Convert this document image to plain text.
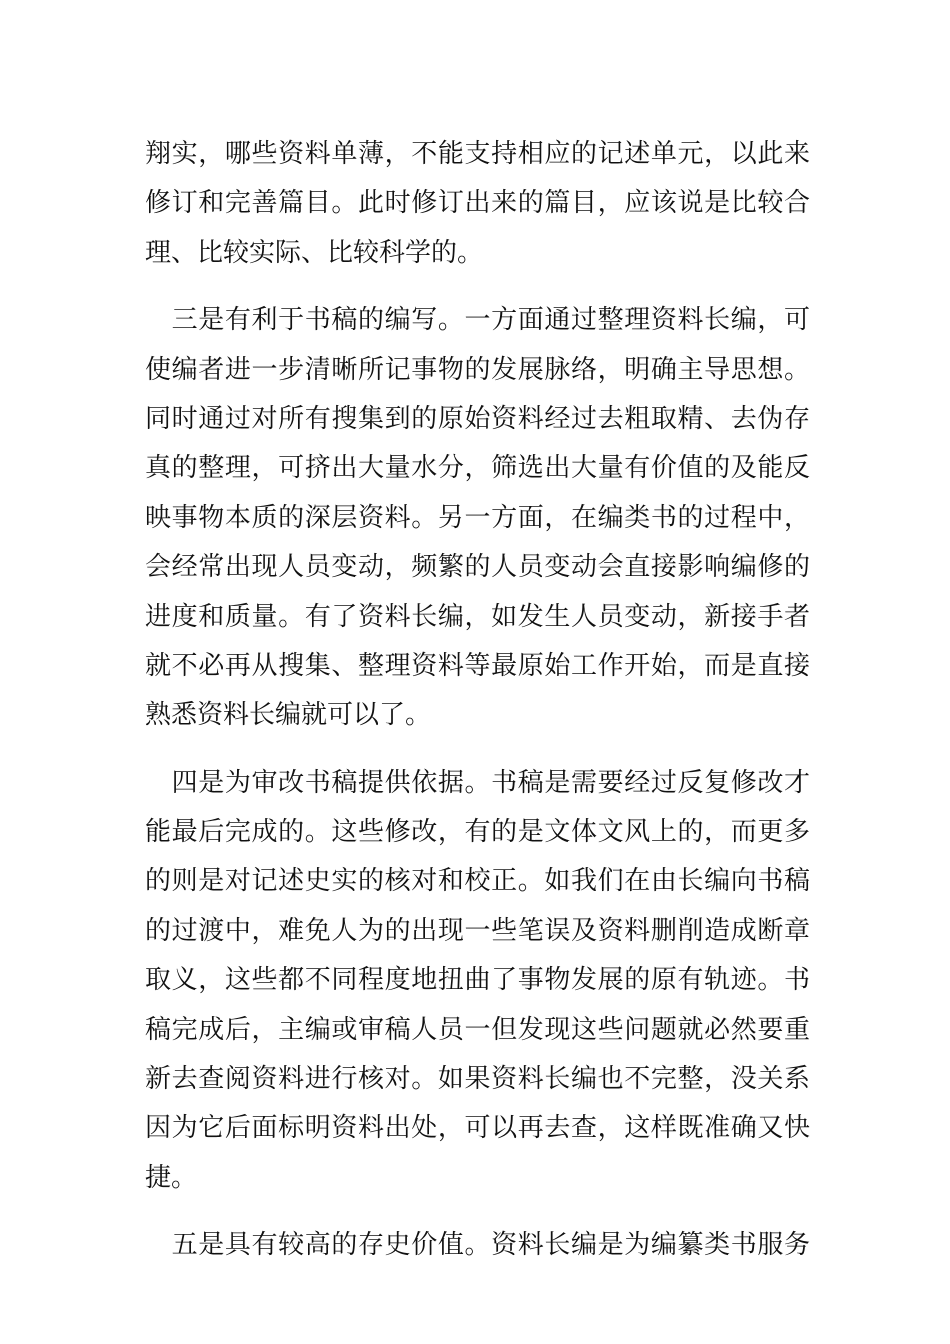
翔实，哪些资料单薄，不能支持相应的记述单元，以此来
修订和完善篇目。此时修订出来的篇目，应该说是比较合
理、比较实际、比较科学的。
　三是有利于书稿的编写。一方面通过整理资料长编，可
使编者进一步清晰所记事物的发展脉络，明确主导思想。
同时通过对所有搜集到的原始资料经过去粗取精、去伪存
真的整理，可挤出大量水分，筛选出大量有价值的及能反
映事物本质的深层资料。另一方面，在编类书的过程中，
会经常出现人员变动，频繁的人员变动会直接影响编修的
进度和质量。有了资料长编，如发生人员变动，新接手者
就不必再从搜集、整理资料等最原始工作开始，而是直接
熟悉资料长编就可以了。
　四是为审改书稿提供依据。书稿是需要经过反复修改才
能最后完成的。这些修改，有的是文体文风上的，而更多
的则是对记述史实的核对和校正。如我们在由长编向书稿
的过渡中，难免人为的出现一些笔误及资料删削造成断章
取义，这些都不同程度地扭曲了事物发展的原有轨迹。书
稿完成后，主编或审稿人员一但发现这些问题就必然要重
新去查阅资料进行核对。如果资料长编也不完整，没关系
因为它后面标明资料出处，可以再去查，这样既准确又快
捷。
　五是具有较高的存史价值。资料长编是为编纂类书服务
